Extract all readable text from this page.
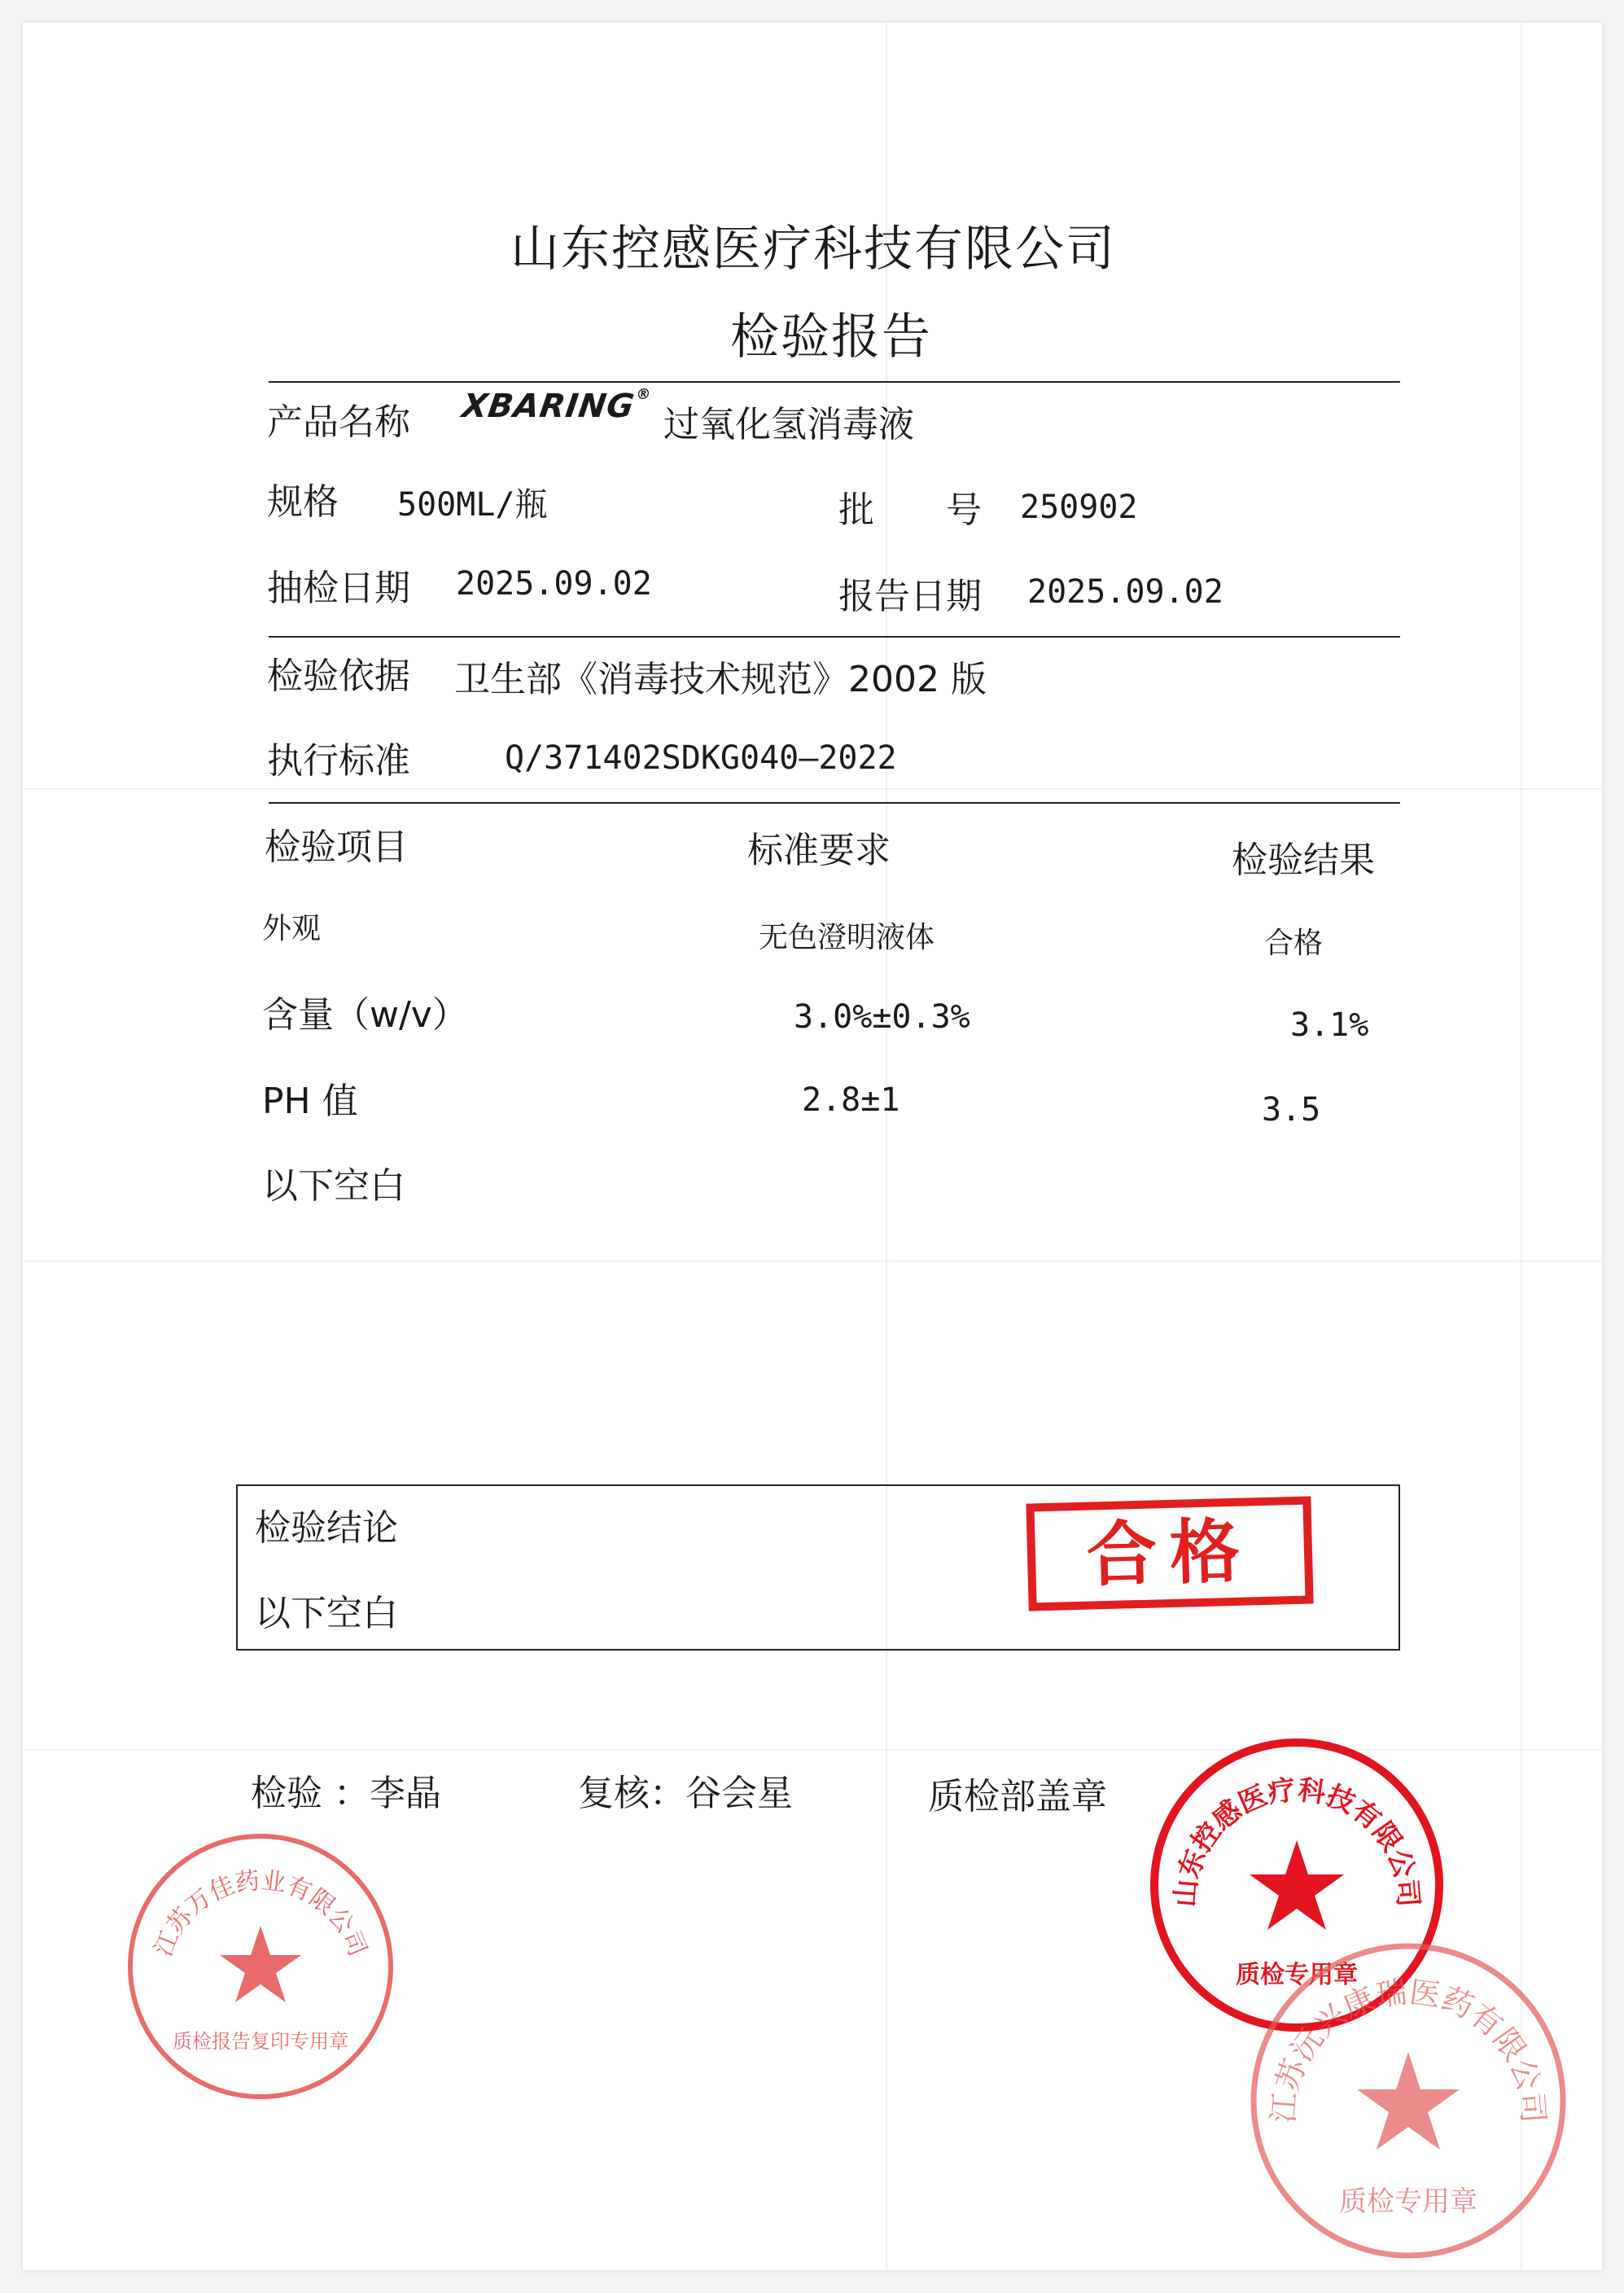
山东控感医疗科技有限公司
检验报告
产品名称 XBARING®
过氧化氢消毒液
规格 500ML/瓶	批　　号 250902
抽检日期 2025.09.02	报告日期 2025.09.02
检验依据 卫生部《消毒技术规范》2002 版
执行标准	Q/371402SDKG040—2022
检验项目	标准要求	检验结果
外观	无色澄明液体	合格
含量（w/v）	3.0%±0.3%	3.1%
PH 值	2.8±1	3.5
以下空白
检验结论
以下空白
合格
检验 ：李晶	复核：谷会星	质检部盖章
江苏万佳药业有限公司
质检报告复印专用章
山东控感医疗科技有限公司
质检专用章
江苏沅兴康瑞医药有限公司
质检专用章
